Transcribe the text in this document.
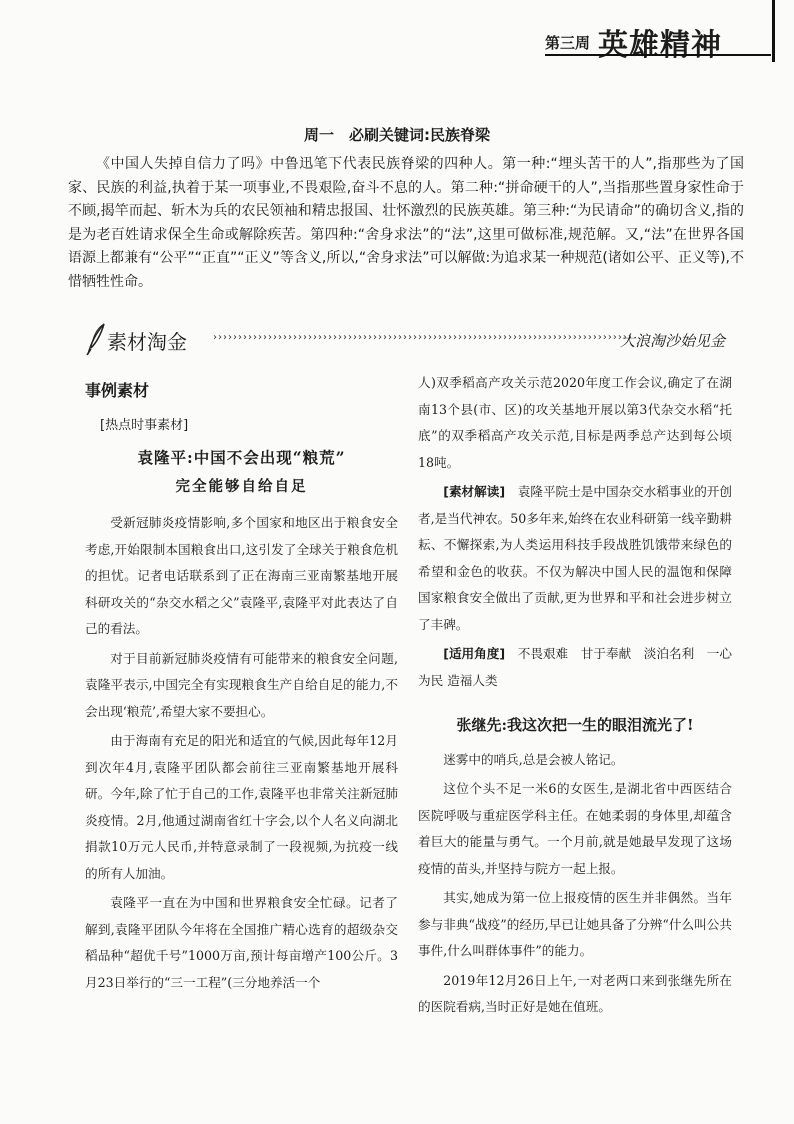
第三周 英雄精神
周一　必刷关键词:民族脊梁

《中国人失掉自信力了吗》中鲁迅笔下代表民族脊梁的四种人。第一种:“埋头苦干的人”,指那些为了国家、民族的利益,执着于某一项事业,不畏艰险,奋斗不息的人。第二种:“拼命硬干的人”,当指那些置身家性命于不顾,揭竿而起、斩木为兵的农民领袖和精忠报国、壮怀激烈的民族英雄。第三种:“为民请命”的确切含义,指的是为老百姓请求保全生命或解除疾苦。第四种:“舍身求法”的“法”,这里可做标准,规范解。又,“法”在世界各国语源上都兼有“公平”“正直”“正义”等含义,所以,“舍身求法”可以解做:为追求某一种规范(诸如公平、正义等),不惜牺牲性命。

素材淘金	››››››››››››››››››››››››››››››››››››››››››››››››››››››››››››››››››››››››››››››››››››
大浪淘沙始见金

事例素材

[热点时事素材]

袁隆平:中国不会出现“粮荒”

完全能够自给自足

受新冠肺炎疫情影响,多个国家和地区出于粮食安全考虑,开始限制本国粮食出口,这引发了全球关于粮食危机的担忧。记者电话联系到了正在海南三亚南繁基地开展科研攻关的“杂交水稻之父”袁隆平,袁隆平对此表达了自己的看法。

对于目前新冠肺炎疫情有可能带来的粮食安全问题,袁隆平表示,中国完全有实现粮食生产自给自足的能力,不会出现‘粮荒’,希望大家不要担心。

由于海南有充足的阳光和适宜的气候,因此每年12月到次年4月,袁隆平团队都会前往三亚南繁基地开展科研。今年,除了忙于自己的工作,袁隆平也非常关注新冠肺炎疫情。2月,他通过湖南省红十字会,以个人名义向湖北捐款10万元人民币,并特意录制了一段视频,为抗疫一线的所有人加油。

袁隆平一直在为中国和世界粮食安全忙碌。记者了解到,袁隆平团队今年将在全国推广精心选育的超级杂交稻品种“超优千号”1000万亩,预计每亩增产100公斤。3月23日举行的“三一工程”(三分地养活一个

人)双季稻高产攻关示范2020年度工作会议,确定了在湖南13个县(市、区)的攻关基地开展以第3代杂交水稻“托底”的双季稻高产攻关示范,目标是两季总产达到每公顷18吨。

[素材解读]　 袁隆平院士是中国杂交水稻事业的开创者,是当代神农。50多年来,始终在农业科研第一线辛勤耕耘、不懈探索,为人类运用科技手段战胜饥饿带来绿色的希望和金色的收获。不仅为解决中国人民的温饱和保障国家粮食安全做出了贡献,更为世界和平和社会进步树立了丰碑。

[适用角度]　 不畏艰难　甘于奉献　淡泊名利　一心为民 造福人类

张继先:我这次把一生的眼泪流光了!

迷雾中的哨兵,总是会被人铭记。

这位个头不足一米6的女医生,是湖北省中西医结合医院呼吸与重症医学科主任。在她柔弱的身体里,却蕴含着巨大的能量与勇气。一个月前,就是她最早发现了这场疫情的苗头,并坚持与院方一起上报。

其实,她成为第一位上报疫情的医生并非偶然。当年参与非典“战疫”的经历,早已让她具备了分辨“什么叫公共事件,什么叫群体事件”的能力。

2019年12月26日上午,一对老两口来到张继先所在的医院看病,当时正好是她在值班。
